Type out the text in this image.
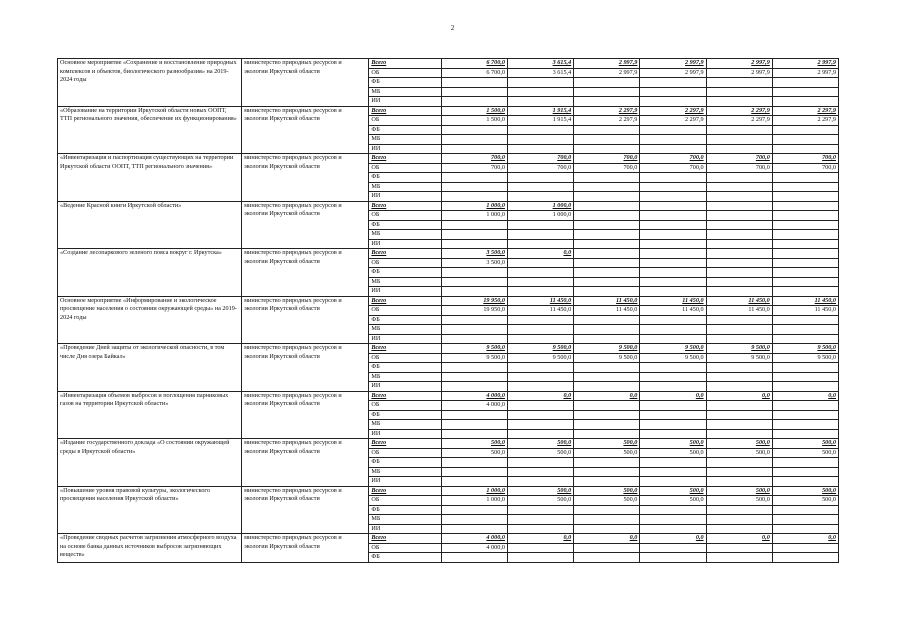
2
Основное мероприятие «Сохранение и восстановление природных комплексов и объектов, биологического разнообразия» на 2019-2024 годы	министерство природных ресурсов и экологии Иркутской области	Всего	6 700,0	3 615,4	2 997,9	2 997,9	2 997,9	2 997,9
		ОБ	6 700,0	3 615,4	2 997,9	2 997,9	2 997,9	2 997,9
		ФБ						
		МБ						
		ИИ						
«Образование на территории Иркутской области новых ООПТ, ТТП регионального значения, обеспечение их функционирования»	министерство природных ресурсов и экологии Иркутской области	Всего	1 500,0	1 915,4	2 297,9	2 297,9	2 297,9	2 297,9
		ОБ	1 500,0	1 915,4	2 297,9	2 297,9	2 297,9	2 297,9
		ФБ						
		МБ						
		ИИ						
«Инвентаризация и паспортизация существующих на территории Иркутской области ООПТ, ТТП регионального значения»	министерство природных ресурсов и экологии Иркутской области	Всего	700,0	700,0	700,0	700,0	700,0	700,0
		ОБ	700,0	700,0	700,0	700,0	700,0	700,0
		ФБ						
		МБ						
		ИИ						
«Ведение Красной книги Иркутской области»	министерство природных ресурсов и экологии Иркутской области	Всего	1 000,0	1 000,0				
		ОБ	1 000,0	1 000,0				
		ФБ						
		МБ						
		ИИ						
«Создание лесопаркового зеленого пояса вокруг г. Иркутска»	министерство природных ресурсов и экологии Иркутской области	Всего	3 500,0	0,0				
		ОБ	3 500,0					
		ФБ						
		МБ						
		ИИ						
Основное мероприятие «Информирование и экологическое просвещение населения о состоянии окружающей среды» на 2019-2024 годы	министерство природных ресурсов и экологии Иркутской области	Всего	19 950,0	11 450,0	11 450,0	11 450,0	11 450,0	11 450,0
		ОБ	19 950,0	11 450,0	11 450,0	11 450,0	11 450,0	11 450,0
		ФБ						
		МБ						
		ИИ						
«Проведение Дней защиты от экологической опасности, в том числе Дня озера Байкал»	министерство природных ресурсов и экологии Иркутской области	Всего	9 500,0	9 500,0	9 500,0	9 500,0	9 500,0	9 500,0
		ОБ	9 500,0	9 500,0	9 500,0	9 500,0	9 500,0	9 500,0
		ФБ						
		МБ						
		ИИ						
«Инвентаризация объемов выбросов и поглощения парниковых газов на территории Иркутской области»	министерство природных ресурсов и экологии Иркутской области	Всего	4 000,0	0,0	0,0	0,0	0,0	0,0
		ОБ	4 000,0					
		ФБ						
		МБ						
		ИИ						
«Издание государственного доклада «О состоянии окружающей среды в Иркутской области»	министерство природных ресурсов и экологии Иркутской области	Всего	500,0	500,0	500,0	500,0	500,0	500,0
		ОБ	500,0	500,0	500,0	500,0	500,0	500,0
		ФБ						
		МБ						
		ИИ						
«Повышение уровня правовой культуры, экологического просвещения населения Иркутской области»	министерство природных ресурсов и экологии Иркутской области	Всего	1 000,0	500,0	500,0	500,0	500,0	500,0
		ОБ	1 000,0	500,0	500,0	500,0	500,0	500,0
		ФБ						
		МБ						
		ИИ						
«Проведение сводных расчетов загрязнения атмосферного воздуха на основе банка данных источников выбросов загрязняющих веществ»	министерство природных ресурсов и экологии Иркутской области	Всего	4 000,0	0,0	0,0	0,0	0,0	0,0
		ОБ	4 000,0					
		ФБ						
